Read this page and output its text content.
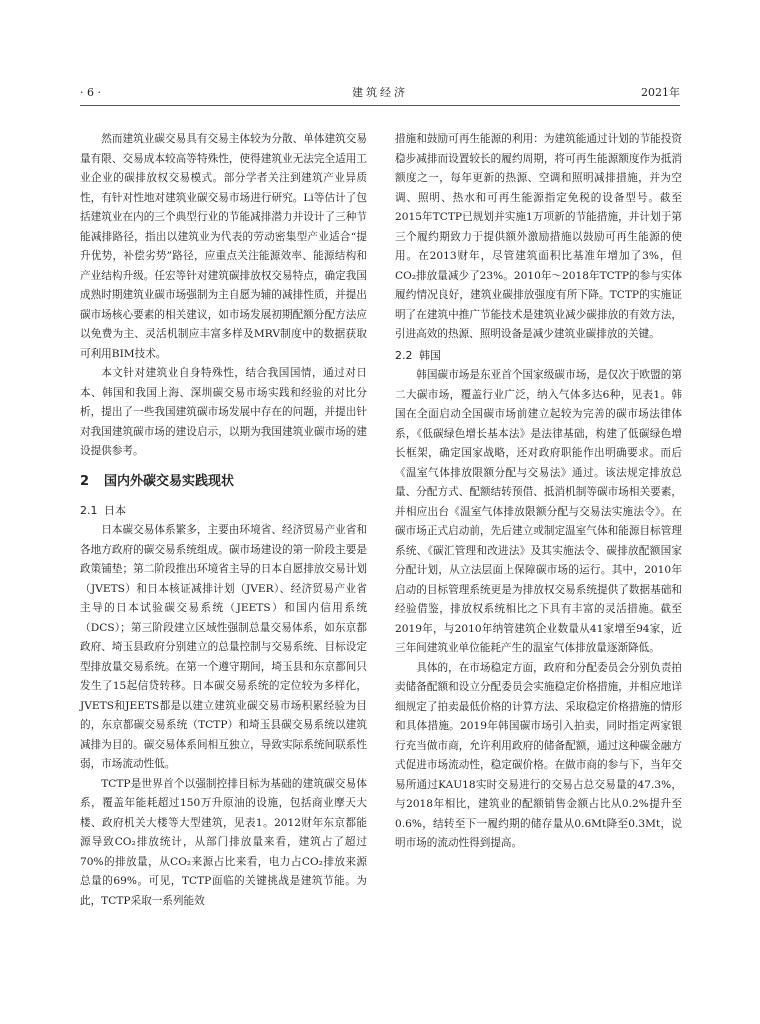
· 6 ·	建筑经济	2021年

然而建筑业碳交易具有交易主体较为分散、单体建筑交易量有限、交易成本较高等特殊性，使得建筑业无法完全适用工业企业的碳排放权交易模式。部分学者关注到建筑产业异质性，有针对性地对建筑业碳交易市场进行研究。Li等估计了包括建筑业在内的三个典型行业的节能减排潜力并设计了三种节能减排路径，指出以建筑业为代表的劳动密集型产业适合“提升优势，补偿劣势”路径，应重点关注能源效率、能源结构和产业结构升级。任宏等针对建筑碳排放权交易特点，确定我国成熟时期建筑业碳市场强制为主自愿为辅的减排性质，并提出碳市场核心要素的相关建议，如市场发展初期配额分配方法应以免费为主、灵活机制应丰富多样及MRV制度中的数据获取可利用BIM技术。

本文针对建筑业自身特殊性，结合我国国情，通过对日本、韩国和我国上海、深圳碳交易市场实践和经验的对比分析，提出了一些我国建筑碳市场发展中存在的问题，并提出针对我国建筑碳市场的建设启示，以期为我国建筑业碳市场的建设提供参考。

2 国内外碳交易实践现状
2.1 日本

日本碳交易体系繁多，主要由环境省、经济贸易产业省和各地方政府的碳交易系统组成。碳市场建设的第一阶段主要是政策铺垫；第二阶段推出环境省主导的日本自愿排放交易计划（JVETS）和日本核证减排计划（JVER）、经济贸易产业省主导的日本试验碳交易系统（JEETS）和国内信用系统（DCS）；第三阶段建立区域性强制总量交易体系，如东京都政府、埼玉县政府分别建立的总量控制与交易系统、目标设定型排放量交易系统。在第一个遵守期间，埼玉县和东京都间只发生了15起信贷转移。日本碳交易系统的定位较为多样化，JVETS和JEETS都是以建立建筑业碳交易市场积累经验为目的，东京都碳交易系统（TCTP）和埼玉县碳交易系统以建筑减排为目的。碳交易体系间相互独立，导致实际系统间联系性弱，市场流动性低。

TCTP是世界首个以强制控排目标为基础的建筑碳交易体系，覆盖年能耗超过150万升原油的设施，包括商业摩天大楼、政府机关大楼等大型建筑，见表1。2012财年东京都能源导致CO₂排放统计，从部门排放量来看，建筑占了超过70%的排放量，从CO₂来源占比来看，电力占CO₂排放来源总量的69%。可见，TCTP面临的关键挑战是建筑节能。为此，TCTP采取一系列能效

措施和鼓励可再生能源的利用：为建筑能通过计划的节能投资稳步减排而设置较长的履约周期，将可再生能源额度作为抵消额度之一，每年更新的热源、空调和照明减排措施，并为空调、照明、热水和可再生能源指定免税的设备型号。截至2015年TCTP已规划并实施1万项新的节能措施，并计划于第三个履约期致力于提供额外激励措施以鼓励可再生能源的使用。在2013财年，尽管建筑面积比基准年增加了3%，但CO₂排放量减少了23%。2010年～2018年TCTP的参与实体履约情况良好，建筑业碳排放强度有所下降。TCTP的实施证明了在建筑中推广节能技术是建筑业减少碳排放的有效方法，引进高效的热源、照明设备是减少建筑业碳排放的关键。

2.2 韩国

韩国碳市场是东亚首个国家级碳市场，是仅次于欧盟的第二大碳市场，覆盖行业广泛，纳入气体多达6种，见表1。韩国在全面启动全国碳市场前建立起较为完善的碳市场法律体系，《低碳绿色增长基本法》是法律基础，构建了低碳绿色增长框架，确定国家战略，还对政府职能作出明确要求。而后《温室气体排放限额分配与交易法》通过。该法规定排放总量、分配方式、配额结转预借、抵消机制等碳市场相关要素，并相应出台《温室气体排放限额分配与交易法实施法令》。在碳市场正式启动前，先后建立或制定温室气体和能源目标管理系统、《碳汇管理和改进法》及其实施法令、碳排放配额国家分配计划，从立法层面上保障碳市场的运行。其中，2010年启动的目标管理系统更是为排放权交易系统提供了数据基础和经验借鉴，排放权系统相比之下具有丰富的灵活措施。截至2019年，与2010年纳管建筑企业数量从41家增至94家，近三年间建筑业单位能耗产生的温室气体排放量逐渐降低。

具体的，在市场稳定方面，政府和分配委员会分别负责拍卖储备配额和设立分配委员会实施稳定价格措施，并相应地详细规定了拍卖最低价格的计算方法、采取稳定价格措施的情形和具体措施。2019年韩国碳市场引入拍卖，同时指定两家银行充当做市商，允许利用政府的储备配额，通过这种碳金融方式促进市场流动性，稳定碳价格。在做市商的参与下，当年交易所通过KAU18实时交易进行的交易占总交易量的47.3%，与2018年相比，建筑业的配额销售金额占比从0.2%提升至0.6%，结转至下一履约期的储存量从0.6Mt降至0.3Mt，说明市场的流动性得到提高。
